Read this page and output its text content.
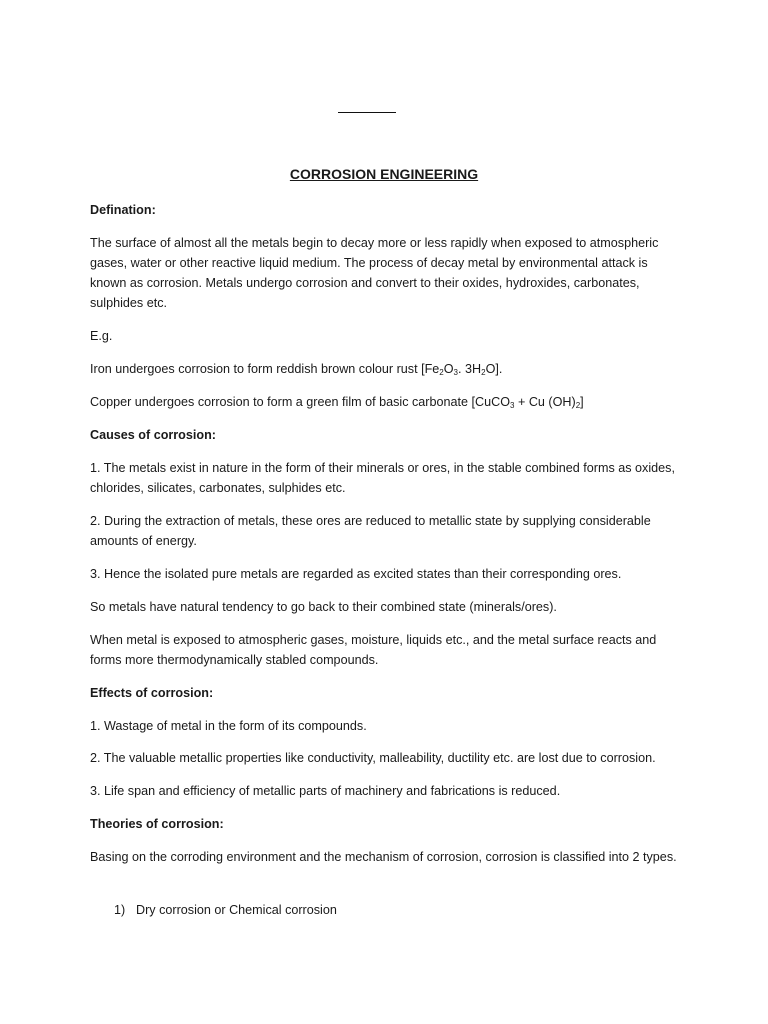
CORROSION ENGINEERING

Defination:

The surface of almost all the metals begin to decay more or less rapidly when exposed to atmospheric gases, water or other reactive liquid medium. The process of decay metal by environmental attack is known as corrosion. Metals undergo corrosion and convert to their oxides, hydroxides, carbonates, sulphides etc.

E.g.

Iron undergoes corrosion to form reddish brown colour rust [$Fe_2O_3$. $3H_2O$].

Copper undergoes corrosion to form a green film of basic carbonate [CuCO$_3$ + Cu $(OH)_2$]

Causes of corrosion:

1. The metals exist in nature in the form of their minerals or ores, in the stable combined forms as oxides, chlorides, silicates, carbonates, sulphides etc.

2. During the extraction of metals, these ores are reduced to metallic state by supplying considerable amounts of energy.

3. Hence the isolated pure metals are regarded as excited states than their corresponding ores.

So metals have natural tendency to go back to their combined state (minerals/ores).

When metal is exposed to atmospheric gases, moisture, liquids etc., and the metal surface reacts and forms more thermodynamically stabled compounds.

Effects of corrosion:

1. Wastage of metal in the form of its compounds.

2. The valuable metallic properties like conductivity, malleability, ductility etc. are lost due to corrosion.

3. Life span and efficiency of metallic parts of machinery and fabrications is reduced.

Theories of corrosion:

Basing on the corroding environment and the mechanism of corrosion, corrosion is classified into 2 types.

1) Dry corrosion or Chemical corrosion
